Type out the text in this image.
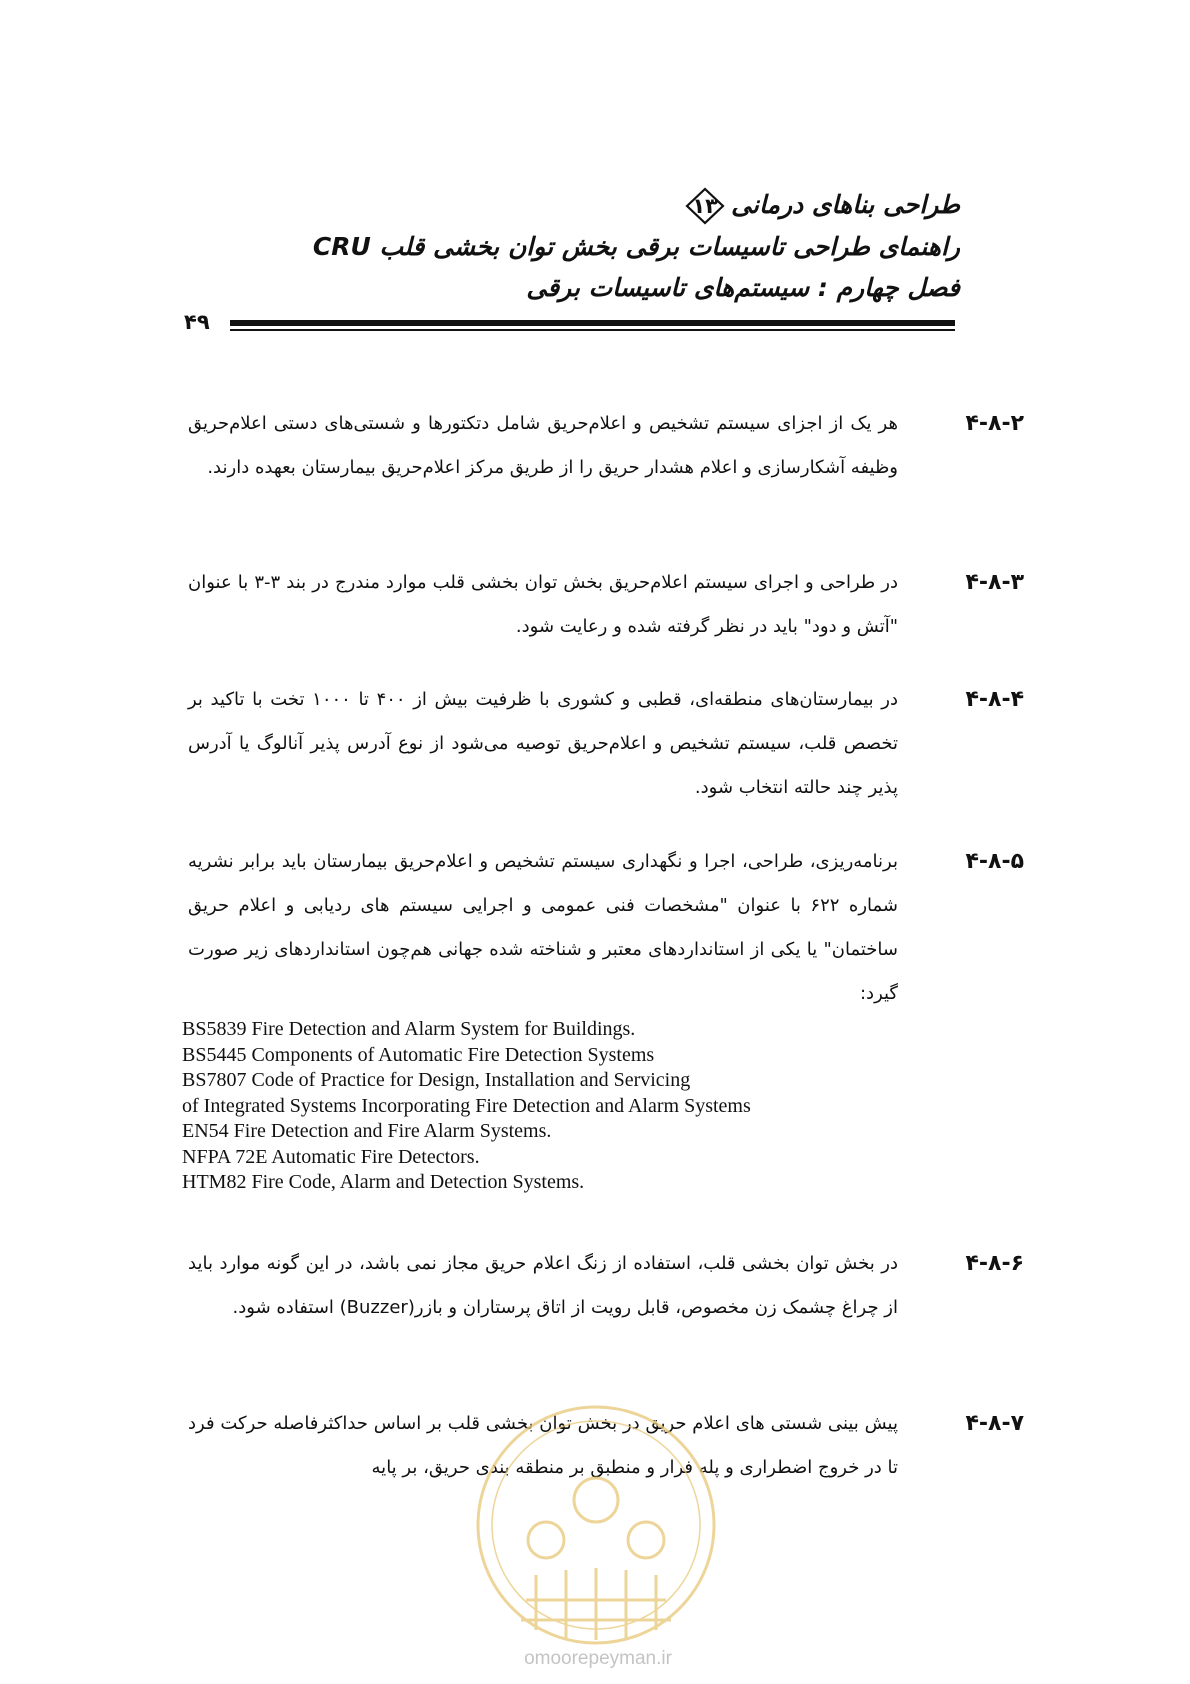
طراحی بناهای درمانی
۱۳
راهنمای طراحی تاسیسات برقی بخش توان بخشی قلب CRU
فصل چهارم : سیستم‌های تاسیسات برقی
۴۹
۴-۸-۲
هر یک از اجزای سیستم تشخیص و اعلام‌حریق شامل دتکتورها و شستی‌های دستی اعلام‌حریق وظیفه آشکارسازی و اعلام هشدار حریق را از طریق مرکز اعلام‌حریق بیمارستان بعهده دارند.
۴-۸-۳
در طراحی و اجرای سیستم اعلام‌حریق بخش توان بخشی قلب موارد مندرج در بند ۳-۳ با عنوان "آتش و دود" باید در نظر گرفته شده و رعایت شود.
۴-۸-۴
در بیمارستان‌های منطقه‌ای، قطبی و کشوری با ظرفیت بیش از ۴۰۰ تا ۱۰۰۰ تخت با تاکید بر تخصص قلب، سیستم تشخیص و اعلام‌حریق توصیه می‌شود از نوع آدرس پذیر آنالوگ یا آدرس پذیر چند حالته انتخاب شود.
۴-۸-۵
برنامه‌ریزی، طراحی، اجرا و نگهداری سیستم تشخیص و اعلام‌حریق بیمارستان باید برابر نشریه شماره ۶۲۲ با عنوان "مشخصات فنی عمومی و اجرایی سیستم های ردیابی و اعلام حریق ساختمان" یا یکی از استانداردهای معتبر و شناخته شده جهانی هم‌چون استانداردهای زیر صورت گیرد:
BS5839 Fire Detection and Alarm System for Buildings.
BS5445 Components of Automatic Fire Detection Systems
BS7807 Code of Practice for Design, Installation and Servicing
of Integrated Systems Incorporating Fire Detection and Alarm Systems
EN54 Fire Detection and Fire Alarm Systems.
NFPA 72E Automatic Fire Detectors.
HTM82 Fire Code, Alarm and Detection Systems.
۴-۸-۶
در بخش توان بخشی قلب، استفاده از زنگ اعلام حریق مجاز نمی باشد، در این گونه موارد باید از چراغ چشمک زن مخصوص، قابل رویت از اتاق پرستاران و بازر(Buzzer) استفاده شود.
۴-۸-۷
پیش بینی شستی های اعلام حریق در بخش توان بخشی قلب بر اساس حداکثرفاصله حرکت فرد تا در خروج اضطراری و پله فرار و منطبق بر منطقه بندی حریق، بر پایه
omoorepeyman.ir
